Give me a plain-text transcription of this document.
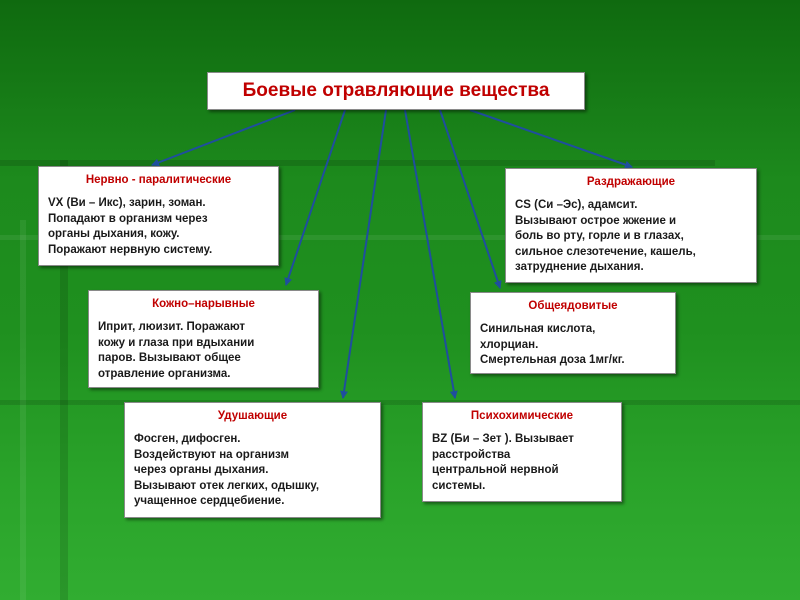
Боевые отравляющие вещества
Нервно - паралитические
VX (Ви – Икс), зарин, зоман.
Попадают в организм через
органы дыхания, кожу.
Поражают нервную систему.
Раздражающие
CS (Си –Эс), адамсит.
Вызывают острое жжение и
боль во рту, горле и в глазах,
сильное слезотечение, кашель,
затруднение дыхания.
Кожно–нарывные
Иприт, люизит. Поражают
кожу и глаза при вдыхании
паров. Вызывают общее
отравление организма.
Общеядовитые
Синильная кислота,
хлорциан.
Смертельная доза 1мг/кг.
Удушающие
Фосген, дифосген.
Воздействуют на организм
через органы дыхания.
Вызывают отек легких, одышку,
учащенное сердцебиение.
Психохимические
BZ (Би – Зет ). Вызывает
расстройства
центральной нервной
системы.
